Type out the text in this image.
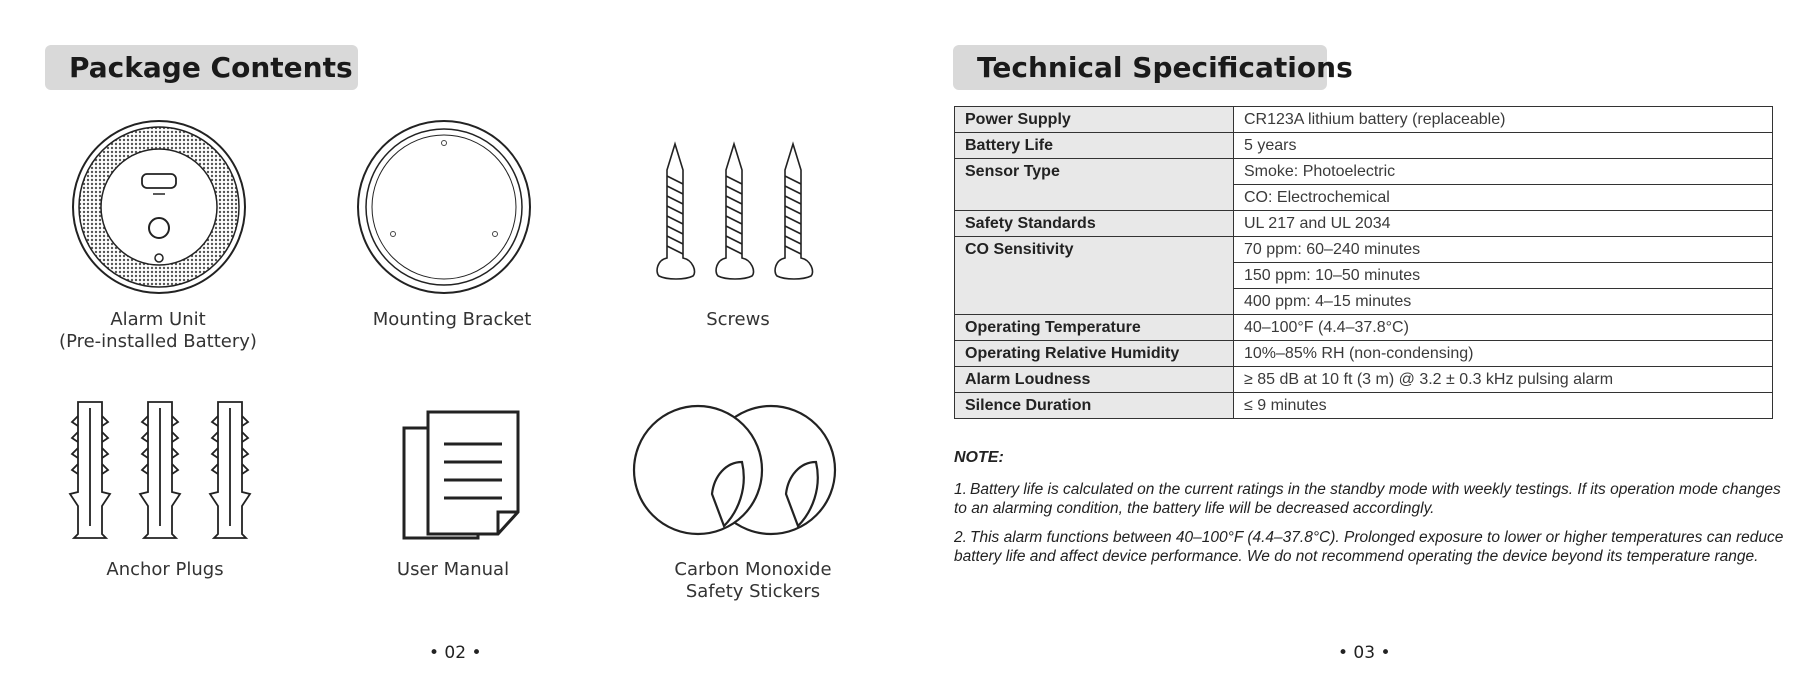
Package Contents
Alarm Unit
(Pre-installed Battery)
Mounting Bracket	Screws
Anchor Plugs	User Manual	Carbon Monoxide
Safety Stickers
• 02 •
Technical Specifications
Power Supply	CR123A lithium battery (replaceable)
Battery Life	5 years
Sensor Type	Smoke: Photoelectric
	CO: Electrochemical
Safety Standards	UL 217 and UL 2034
CO Sensitivity	70 ppm: 60–240 minutes
	150 ppm: 10–50 minutes
	400 ppm: 4–15 minutes
Operating Temperature	40–100°F (4.4–37.8°C)
Operating Relative Humidity	10%–85% RH (non-condensing)
Alarm Loudness	≥ 85 dB at 10 ft (3 m) @ 3.2 ± 0.3 kHz pulsing alarm
Silence Duration	≤ 9 minutes
NOTE:
1. Battery life is calculated on the current ratings in the standby mode with weekly testings. If its operation mode changes to an alarming condition, the battery life will be decreased accordingly.
2. This alarm functions between 40–100°F (4.4–37.8°C). Prolonged exposure to lower or higher temperatures can reduce battery life and affect device performance. We do not recommend operating the device beyond its temperature range.
• 03 •
